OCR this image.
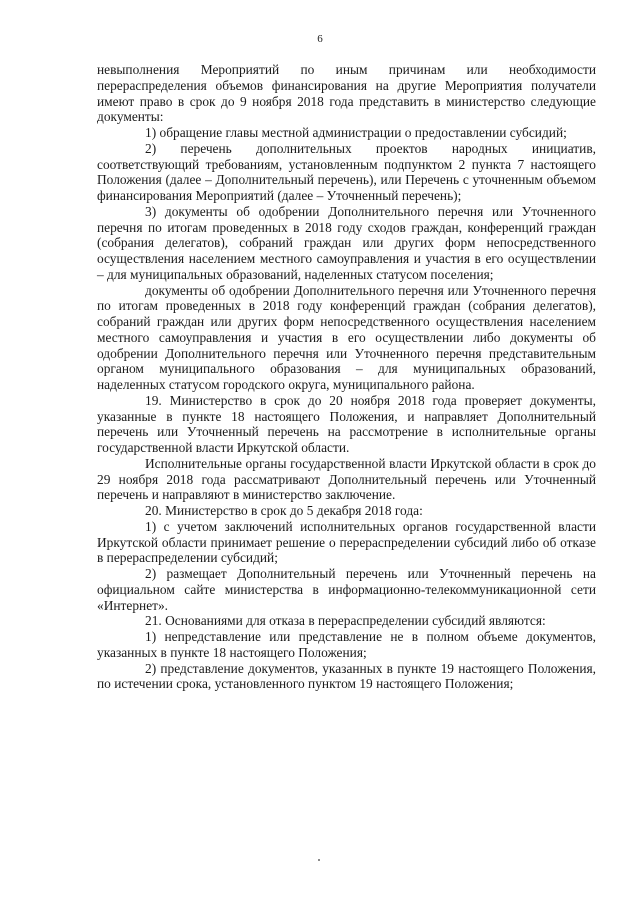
6

невыполнения Мероприятий по иным причинам или необходимости перераспределения объемов финансирования на другие Мероприятия получатели имеют право в срок до 9 ноября 2018 года представить в министерство следующие документы:

1) обращение главы местной администрации о предоставлении субсидий;

2) перечень дополнительных проектов народных инициатив, соответствующий требованиям, установленным подпунктом 2 пункта 7 настоящего Положения (далее – Дополнительный перечень), или Перечень с уточненным объемом финансирования Мероприятий (далее – Уточненный перечень);

3) документы об одобрении Дополнительного перечня или Уточненного перечня по итогам проведенных в 2018 году сходов граждан, конференций граждан (собрания делегатов), собраний граждан или других форм непосредственного осуществления населением местного самоуправления и участия в его осуществлении – для муниципальных образований, наделенных статусом поселения;

документы об одобрении Дополнительного перечня или Уточненного перечня по итогам проведенных в 2018 году конференций граждан (собрания делегатов), собраний граждан или других форм непосредственного осуществления населением местного самоуправления и участия в его осуществлении либо документы об одобрении Дополнительного перечня или Уточненного перечня представительным органом муниципального образования – для муниципальных образований, наделенных статусом городского округа, муниципального района.

19. Министерство в срок до 20 ноября 2018 года проверяет документы, указанные в пункте 18 настоящего Положения, и направляет Дополнительный перечень или Уточненный перечень на рассмотрение в исполнительные органы государственной власти Иркутской области.

Исполнительные органы государственной власти Иркутской области в срок до 29 ноября 2018 года рассматривают Дополнительный перечень или Уточненный перечень и направляют в министерство заключение.

20. Министерство в срок до 5 декабря 2018 года:

1) с учетом заключений исполнительных органов государственной власти Иркутской области принимает решение о перераспределении субсидий либо об отказе в перераспределении субсидий;

2) размещает Дополнительный перечень или Уточненный перечень на официальном сайте министерства в информационно-телекоммуникационной сети «Интернет».

21. Основаниями для отказа в перераспределении субсидий являются:

1) непредставление или представление не в полном объеме документов, указанных в пункте 18 настоящего Положения;

2) представление документов, указанных в пункте 19 настоящего Положения, по истечении срока, установленного пунктом 19 настоящего Положения;
